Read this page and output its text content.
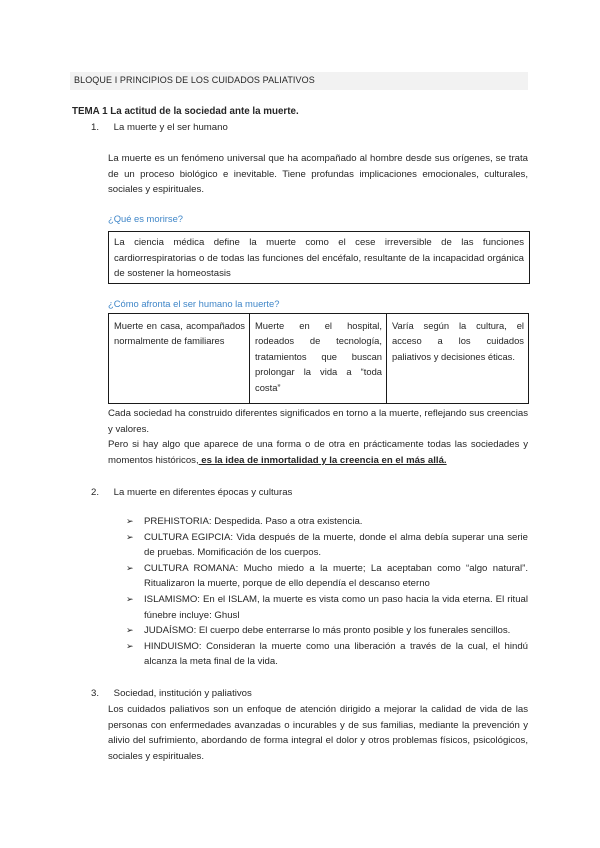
BLOQUE I PRINCIPIOS DE LOS CUIDADOS PALIATIVOS
TEMA 1 La actitud de la sociedad ante la muerte.
1. La muerte y el ser humano
La muerte es un fenómeno universal que ha acompañado al hombre desde sus orígenes, se trata de un proceso biológico e inevitable. Tiene profundas implicaciones emocionales, culturales, sociales y espirituales.
¿Qué es morirse?
La ciencia médica define la muerte como el cese irreversible de las funciones cardiorrespiratorias o de todas las funciones del encéfalo, resultante de la incapacidad orgánica de sostener la homeostasis
¿Cómo afronta el ser humano la muerte?
Muerte en casa, acompañados normalmente de familiares	Muerte en el hospital, rodeados de tecnología, tratamientos que buscan prolongar la vida a “toda costa”	Varía según la cultura, el acceso a los cuidados paliativos y decisiones éticas.
Cada sociedad ha construido diferentes significados en torno a la muerte, reflejando sus creencias y valores.
Pero si hay algo que aparece de una forma o de otra en prácticamente todas las sociedades y momentos históricos, es la idea de inmortalidad y la creencia en el más allá.
2. La muerte en diferentes épocas y culturas
➢ PREHISTORIA: Despedida. Paso a otra existencia.
➢ CULTURA EGIPCIA: Vida después de la muerte, donde el alma debía superar una serie de pruebas. Momificación de los cuerpos.
➢ CULTURA ROMANA: Mucho miedo a la muerte; La aceptaban como “algo natural”. Ritualizaron la muerte, porque de ello dependía el descanso eterno
➢ ISLAMISMO: En el ISLAM, la muerte es vista como un paso hacia la vida eterna. El ritual fúnebre incluye: Ghusl
➢ JUDAÍSMO: El cuerpo debe enterrarse lo más pronto posible y los funerales sencillos.
➢ HINDUISMO: Consideran la muerte como una liberación a través de la cual, el hindú alcanza la meta final de la vida.
3. Sociedad, institución y paliativos
Los cuidados paliativos son un enfoque de atención dirigido a mejorar la calidad de vida de las personas con enfermedades avanzadas o incurables y de sus familias, mediante la prevención y alivio del sufrimiento, abordando de forma integral el dolor y otros problemas físicos, psicológicos, sociales y espirituales.
